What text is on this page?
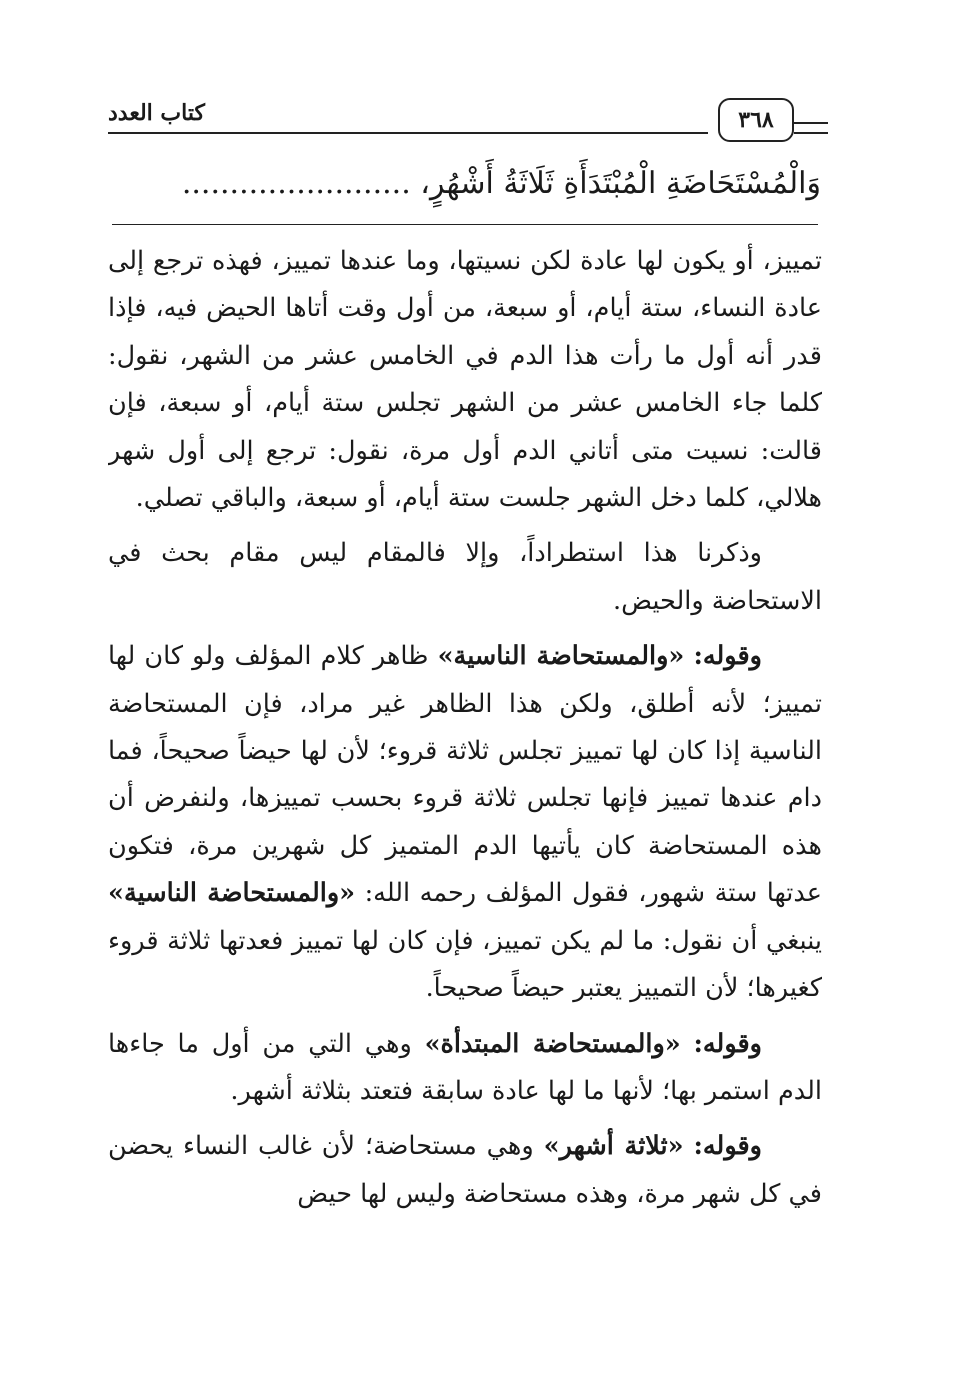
كتاب العدد	٣٦٨
وَالْمُسْتَحَاضَةِ الْمُبْتَدَأَةِ ثَلَاثَةُ أَشْهُرٍ، ........................

تمييز، أو يكون لها عادة لكن نسيتها، وما عندها تمييز، فهذه ترجع إلى عادة النساء، ستة أيام، أو سبعة، من أول وقت أتاها الحيض فيه، فإذا قدر أنه أول ما رأت هذا الدم في الخامس عشر من الشهر، نقول: كلما جاء الخامس عشر من الشهر تجلس ستة أيام، أو سبعة، فإن قالت: نسيت متى أتاني الدم أول مرة، نقول: ترجع إلى أول شهر هلالي، كلما دخل الشهر جلست ستة أيام، أو سبعة، والباقي تصلي.

وذكرنا هذا استطراداً، وإلا فالمقام ليس مقام بحث في الاستحاضة والحيض.

وقوله: «والمستحاضة الناسية» ظاهر كلام المؤلف ولو كان لها تمييز؛ لأنه أطلق، ولكن هذا الظاهر غير مراد، فإن المستحاضة الناسية إذا كان لها تمييز تجلس ثلاثة قروء؛ لأن لها حيضاً صحيحاً، فما دام عندها تمييز فإنها تجلس ثلاثة قروء بحسب تمييزها، ولنفرض أن هذه المستحاضة كان يأتيها الدم المتميز كل شهرين مرة، فتكون عدتها ستة شهور، فقول المؤلف رحمه الله: «والمستحاضة الناسية» ينبغي أن نقول: ما لم يكن تمييز، فإن كان لها تمييز فعدتها ثلاثة قروء كغيرها؛ لأن التمييز يعتبر حيضاً صحيحاً.

وقوله: «والمستحاضة المبتدأة» وهي التي من أول ما جاءها الدم استمر بها؛ لأنها ما لها عادة سابقة فتعتد بثلاثة أشهر.

وقوله: «ثلاثة أشهر» وهي مستحاضة؛ لأن غالب النساء يحضن في كل شهر مرة، وهذه مستحاضة وليس لها حيض
